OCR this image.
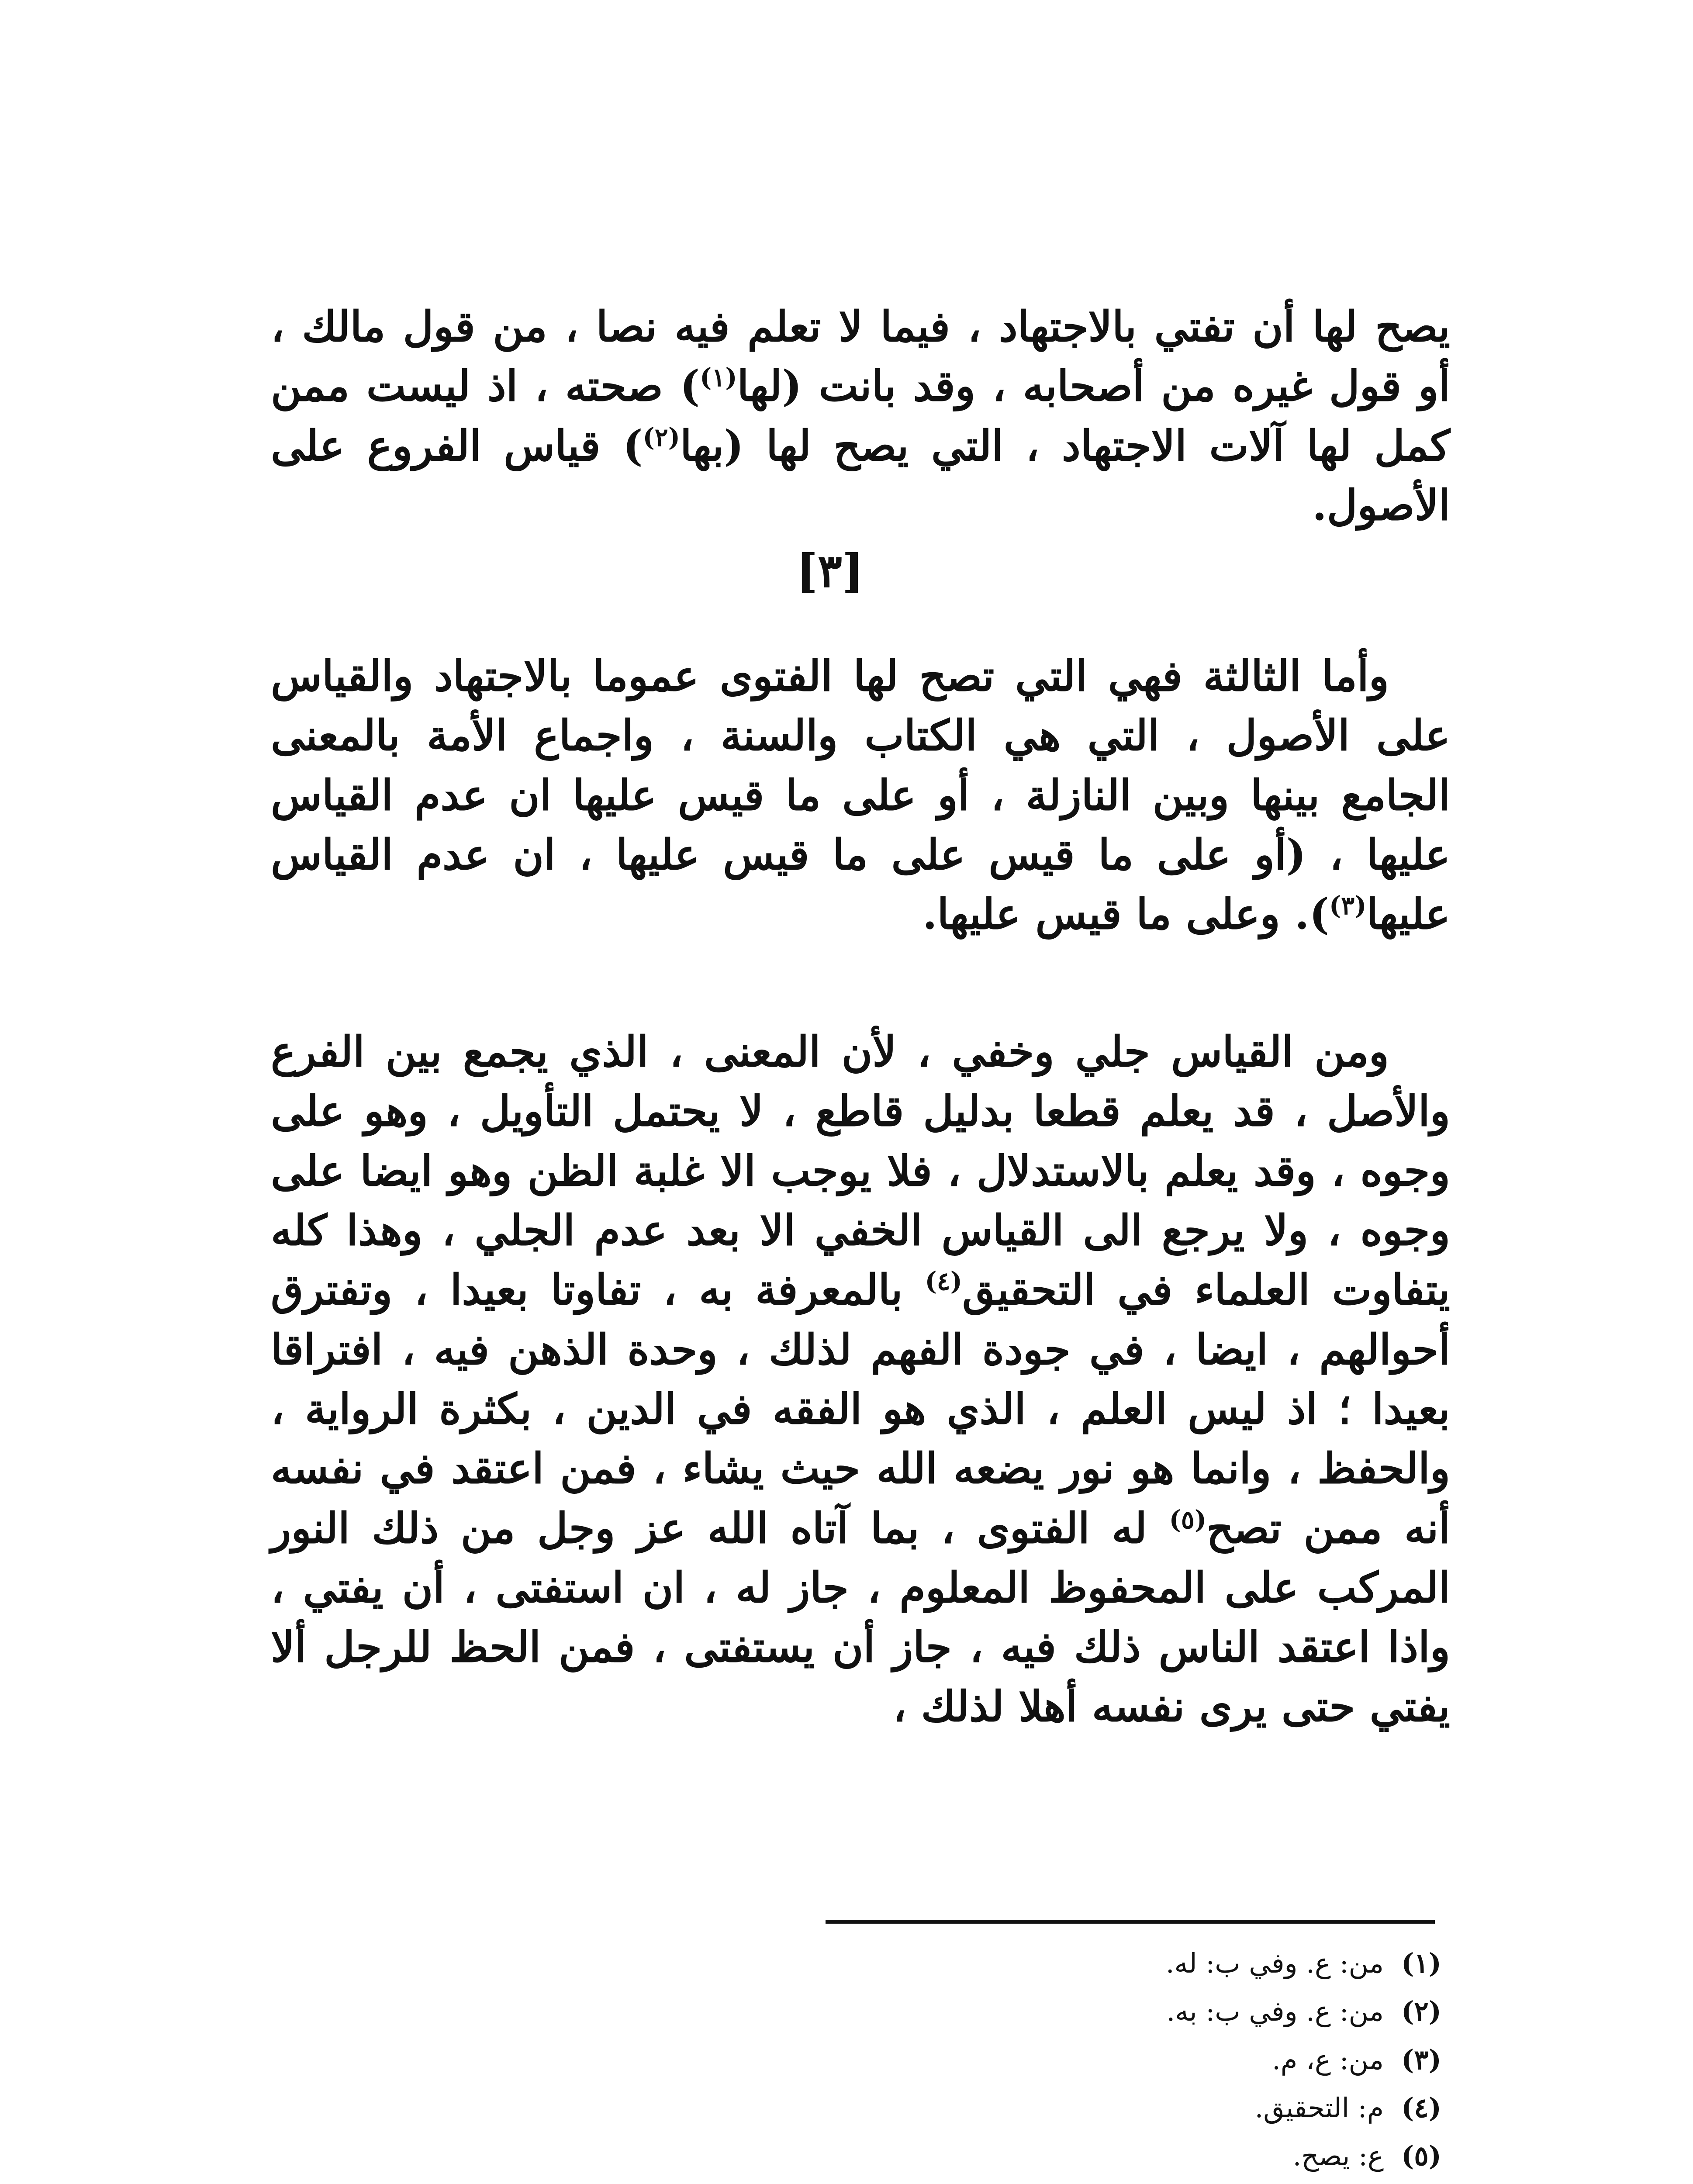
يصح لها أن تفتي بالاجتهاد ، فيما لا تعلم فيه نصا ، من قول مالك ، أو قول غيره من أصحابه ، وقد بانت (لها$^{(١)}$) صحته ، اذ ليست ممن كمل لها آلات الاجتهاد ، التي يصح لها (بها$^{(٢)}$) قياس الفروع على الأصول.

[٣]

وأما الثالثة فهي التي تصح لها الفتوى عموما بالاجتهاد والقياس على الأصول ، التي هي الكتاب والسنة ، واجماع الأمة بالمعنى الجامع بينها وبين النازلة ، أو على ما قيس عليها ان عدم القياس عليها ، (أو على ما قيس على ما قيس عليها ، ان عدم القياس عليها$^{(٣)}$). وعلى ما قيس عليها.

ومن القياس جلي وخفي ، لأن المعنى ، الذي يجمع بين الفرع والأصل ، قد يعلم قطعا بدليل قاطع ، لا يحتمل التأويل ، وهو على وجوه ، وقد يعلم بالاستدلال ، فلا يوجب الا غلبة الظن وهو ايضا على وجوه ، ولا يرجع الى القياس الخفي الا بعد عدم الجلي ، وهذا كله يتفاوت العلماء في التحقيق$^{(٤)}$ بالمعرفة به ، تفاوتا بعيدا ، وتفترق أحوالهم ، ايضا ، في جودة الفهم لذلك ، وحدة الذهن فيه ، افتراقا بعيدا ؛ اذ ليس العلم ، الذي هو الفقه في الدين ، بكثرة الرواية ، والحفظ ، وانما هو نور يضعه الله حيث يشاء ، فمن اعتقد في نفسه أنه ممن تصح$^{(٥)}$ له الفتوى ، بما آتاه الله عز وجل من ذلك النور المركب على المحفوظ المعلوم ، جاز له ، ان استفتى ، أن يفتي ، واذا اعتقد الناس ذلك فيه ، جاز أن يستفتى ، فمن الحظ للرجل ألا يفتي حتى يرى نفسه أهلا لذلك ،

(١)
من: ع. وفي ب: له.
(٢)
من: ع. وفي ب: به.
(٣)
من: ع، م.
(٤)
م: التحقيق.
(٥)
ع: يصح.
